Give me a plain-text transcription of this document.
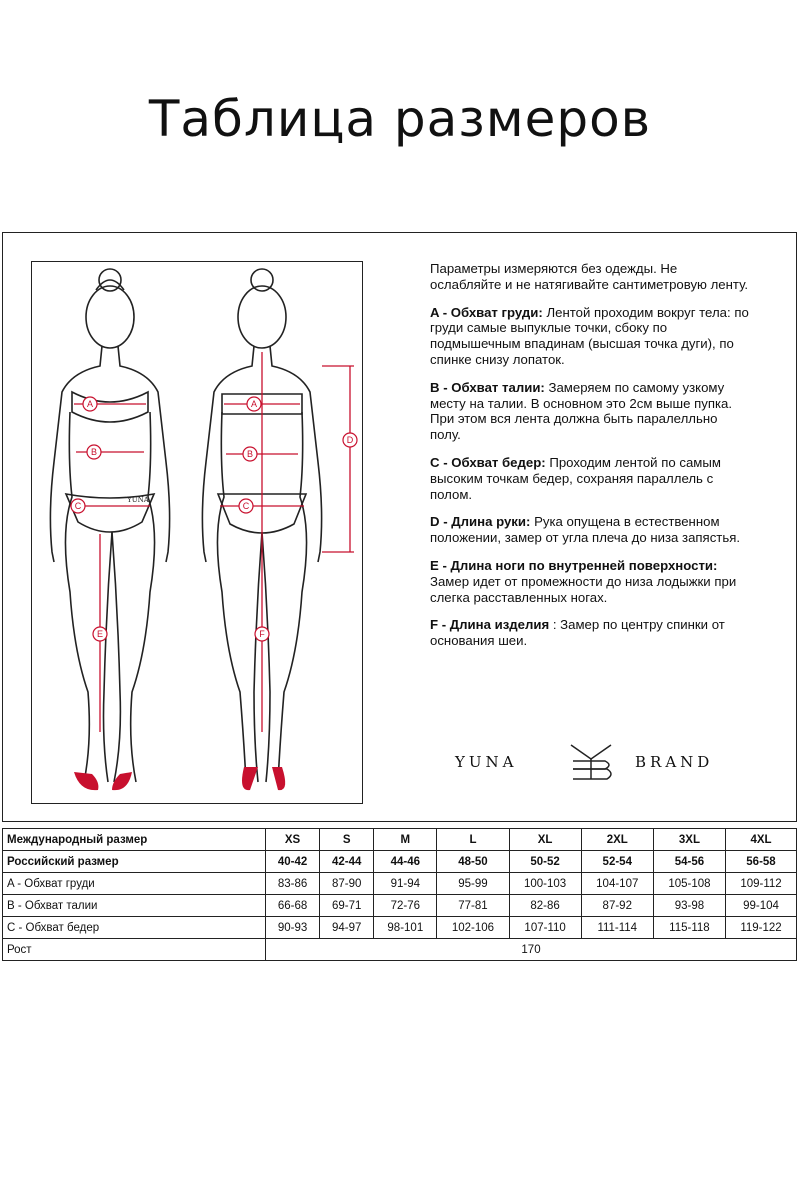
Таблица размеров
A
B
C
E
A
B
C
F
D
YUNA

Параметры измеряются без одежды. Не ослабляйте и не натягивайте сантиметровую ленту.

A - Обхват груди: Лентой проходим вокруг тела: по груди самые выпуклые точки, сбоку по подмышечным впадинам (высшая точка дуги), по спинке снизу лопаток.

B - Обхват талии: Замеряем по самому узкому месту на талии. В основном это 2см выше пупка. При этом вся лента должна быть паралелльно полу.

C - Обхват бедер: Проходим лентой по самым высоким точкам бедер, сохраняя параллель с полом.

D - Длина руки: Рука опущена в естественном положении, замер от угла плеча до низа запястья.

E - Длина ноги по внутренней поверхности: Замер идет от промежности до низа лодыжки при слегка расставленных ногах.

F - Длина изделия : Замер по центру спинки от основания шеи.

YUNA	BRAND
Международный размер	XS	S	M	L	XL	2XL	3XL	4XL
Российский размер	40-42	42-44	44-46	48-50	50-52	52-54	54-56	56-58
A - Обхват груди	83-86	87-90	91-94	95-99	100-103	104-107	105-108	109-112
B - Обхват талии	66-68	69-71	72-76	77-81	82-86	87-92	93-98	99-104
C - Обхват бедер	90-93	94-97	98-101	102-106	107-110	111-114	115-118	119-122
Рост	170							
